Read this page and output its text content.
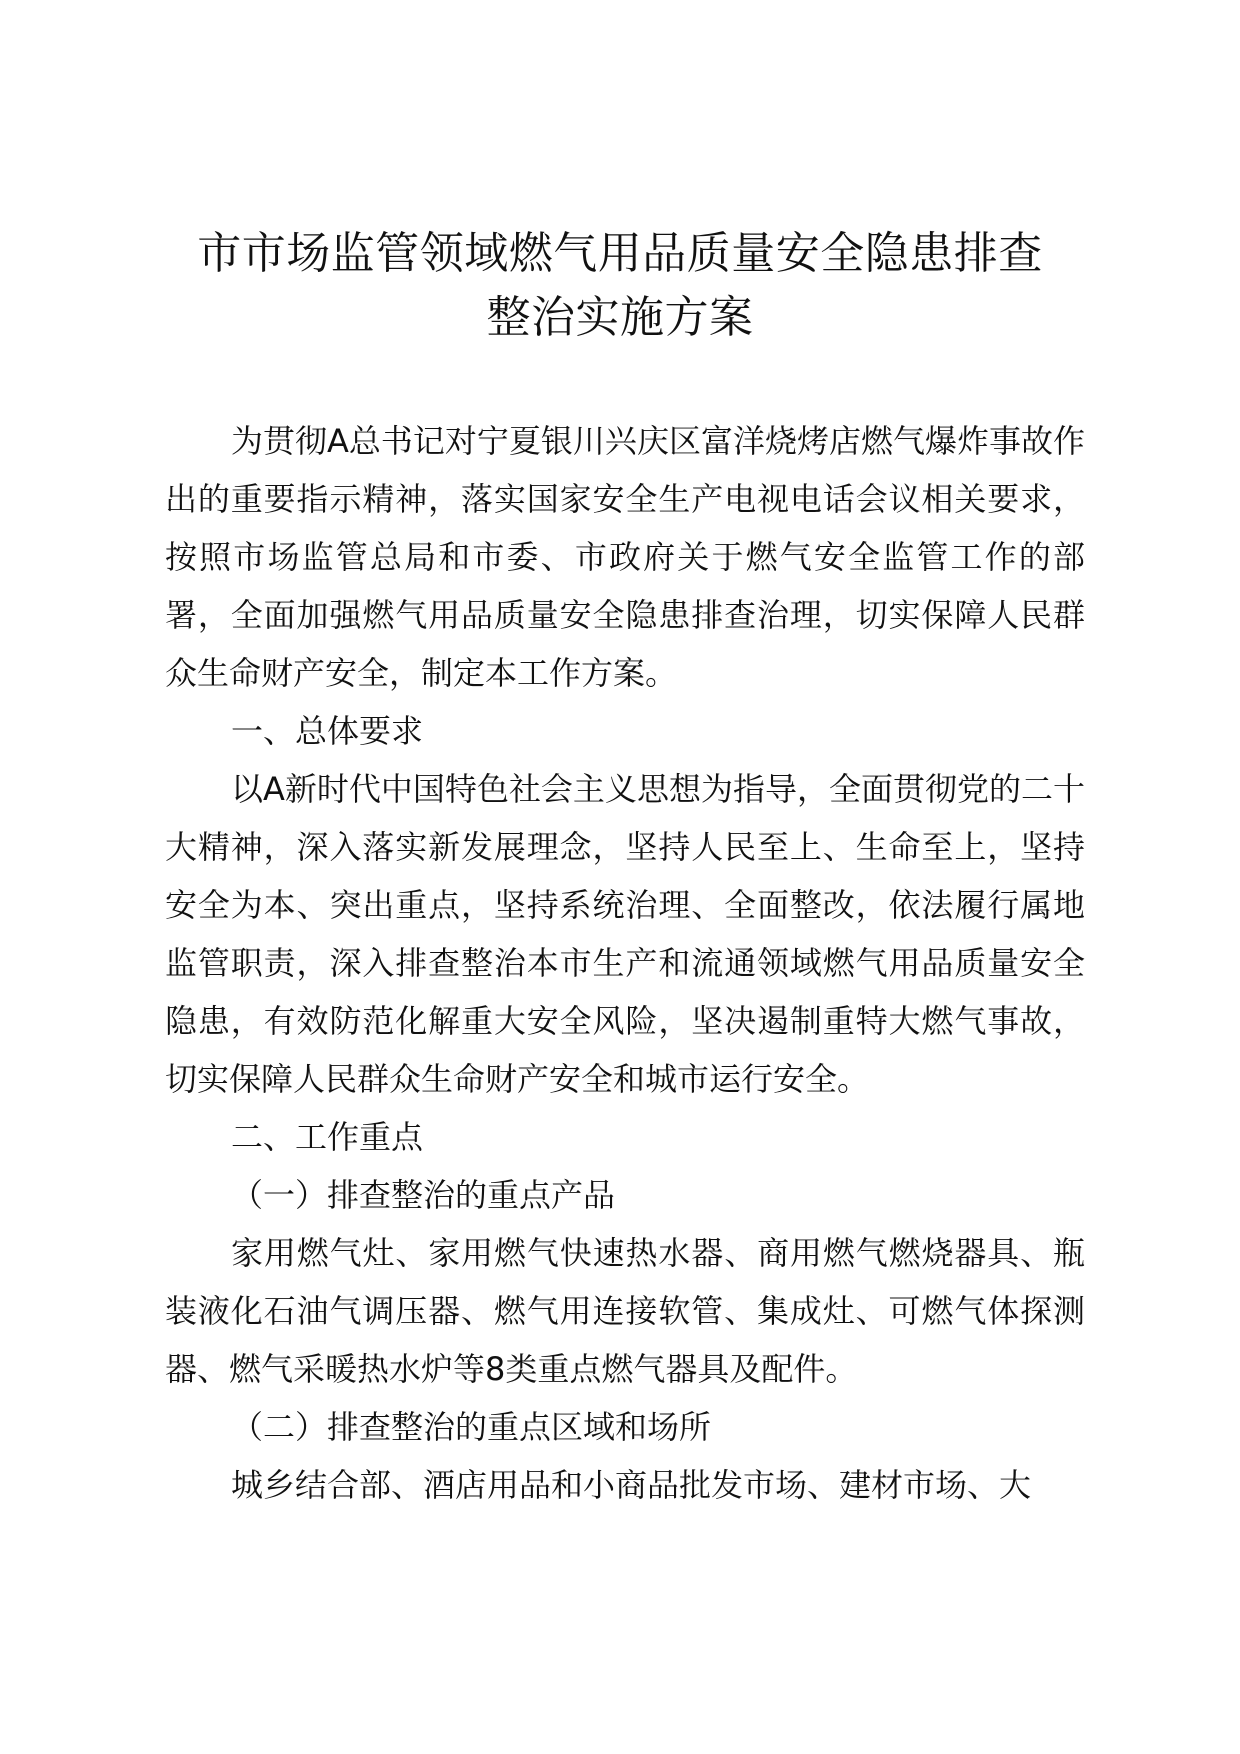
市市场监管领域燃气用品质量安全隐患排查
整治实施方案

为贯彻A总书记对宁夏银川兴庆区富洋烧烤店燃气爆炸事故作出的重要指示精神，落实国家安全生产电视电话会议相关要求，按照市场监管总局和市委、市政府关于燃气安全监管工作的部署，全面加强燃气用品质量安全隐患排查治理，切实保障人民群众生命财产安全，制定本工作方案。

一、总体要求

以A新时代中国特色社会主义思想为指导，全面贯彻党的二十大精神，深入落实新发展理念，坚持人民至上、生命至上，坚持安全为本、突出重点，坚持系统治理、全面整改，依法履行属地监管职责，深入排查整治本市生产和流通领域燃气用品质量安全隐患，有效防范化解重大安全风险，坚决遏制重特大燃气事故，切实保障人民群众生命财产安全和城市运行安全。

二、工作重点

（一）排查整治的重点产品

家用燃气灶、家用燃气快速热水器、商用燃气燃烧器具、瓶装液化石油气调压器、燃气用连接软管、集成灶、可燃气体探测器、燃气采暖热水炉等8类重点燃气器具及配件。

（二）排查整治的重点区域和场所

城乡结合部、酒店用品和小商品批发市场、建材市场、大
